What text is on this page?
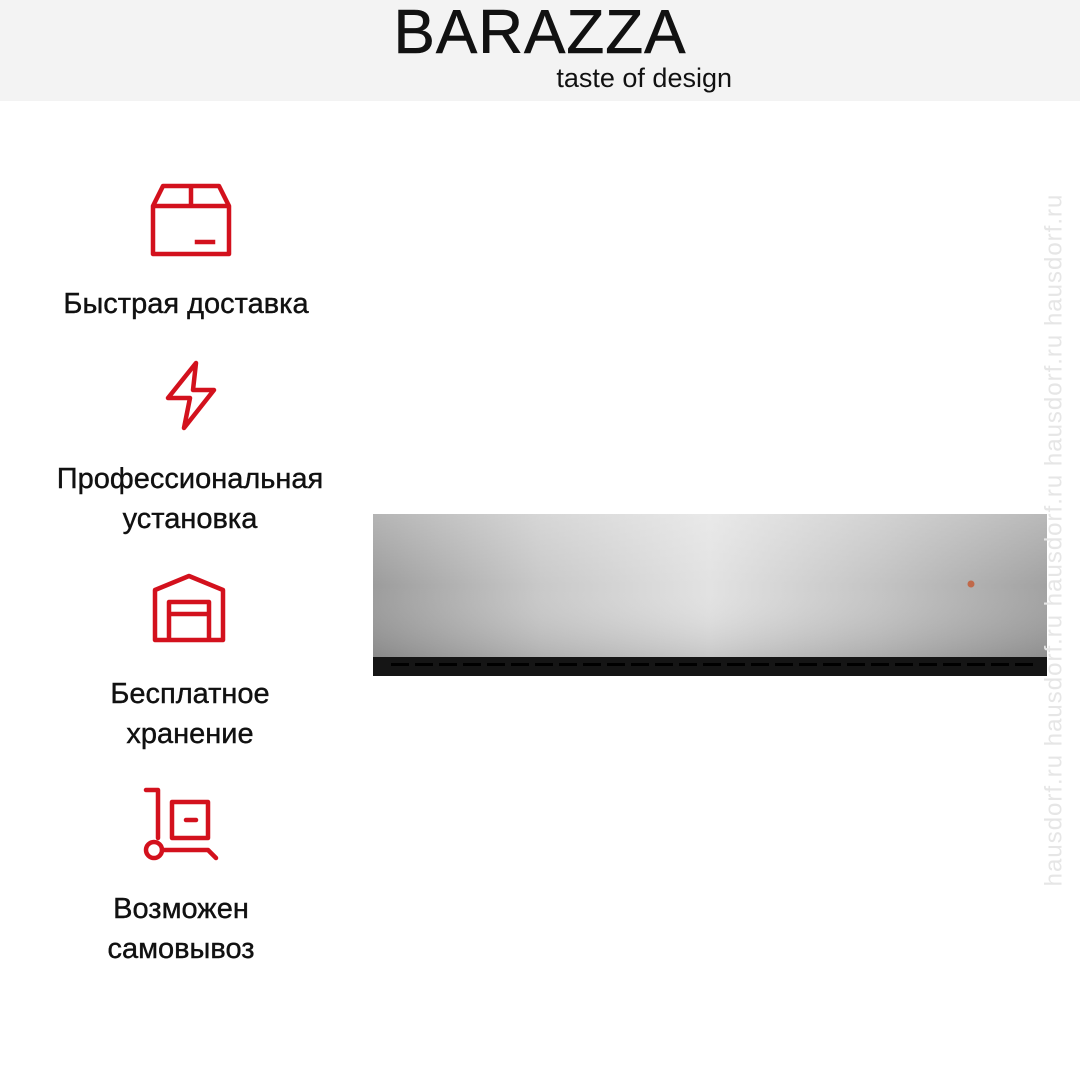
BARAZZA
taste of design
Быстрая доставка
Профессиональная
установка
Бесплатное
хранение
Возможен
самовывоз
hausdorf.ru hausdorf.ru hausdorf.ru hausdorf.ru hausdorf.ru
